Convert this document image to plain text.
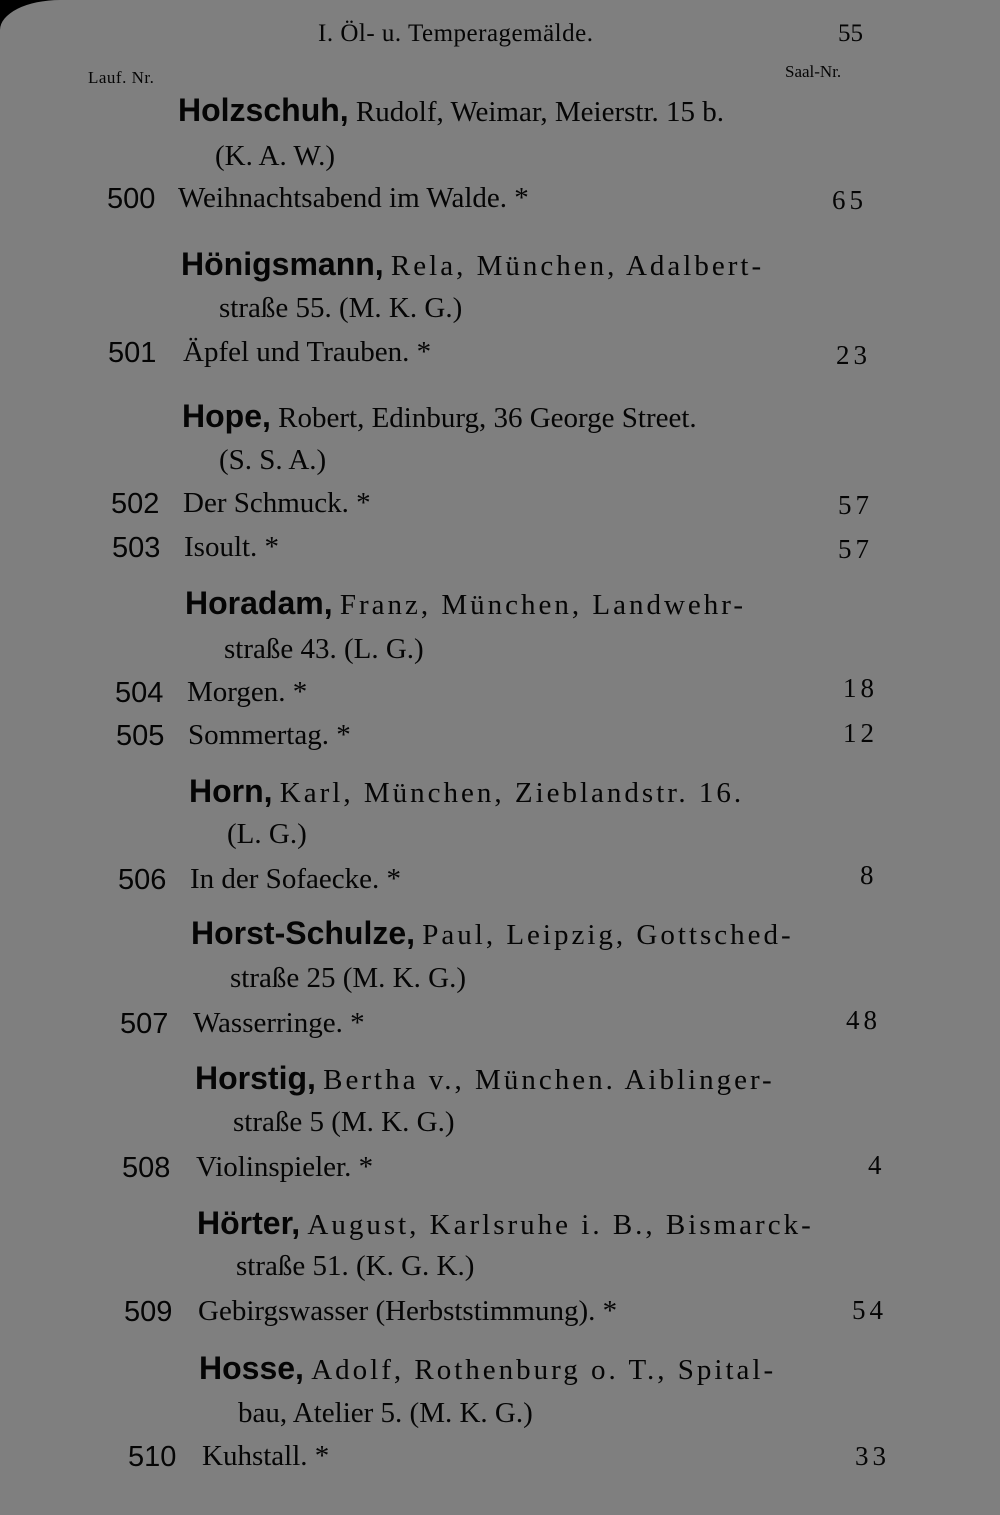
I. Öl- u. Temperagemälde.	55
Lauf. Nr.	Saal-Nr.
Holzschuh, Rudolf, Weimar, Meierstr. 15 b.
(K. A. W.)
500 Weihnachtsabend im Walde. *	65
Hönigsmann, Rela, München, Adalbert-
straße 55. (M. K. G.)
501 Äpfel und Trauben. *	23
Hope, Robert, Edinburg, 36 George Street.
(S. S. A.)
502 Der Schmuck. *	57
503 Isoult. *	57
Horadam, Franz, München, Landwehr-
straße 43. (L. G.)
504 Morgen. *	18
505 Sommertag. *	12
Horn, Karl, München, Zieblandstr. 16.
(L. G.)
506 In der Sofaecke. *	8
Horst-Schulze, Paul, Leipzig, Gottsched-
straße 25 (M. K. G.)
507 Wasserringe. *	48
Horstig, Bertha v., München. Aiblinger-
straße 5 (M. K. G.)
508 Violinspieler. *	4
Hörter, August, Karlsruhe i. B., Bismarck-
straße 51. (K. G. K.)
509 Gebirgswasser (Herbststimmung). *	54
Hosse, Adolf, Rothenburg o. T., Spital-
bau, Atelier 5. (M. K. G.)
510 Kuhstall. *	33
